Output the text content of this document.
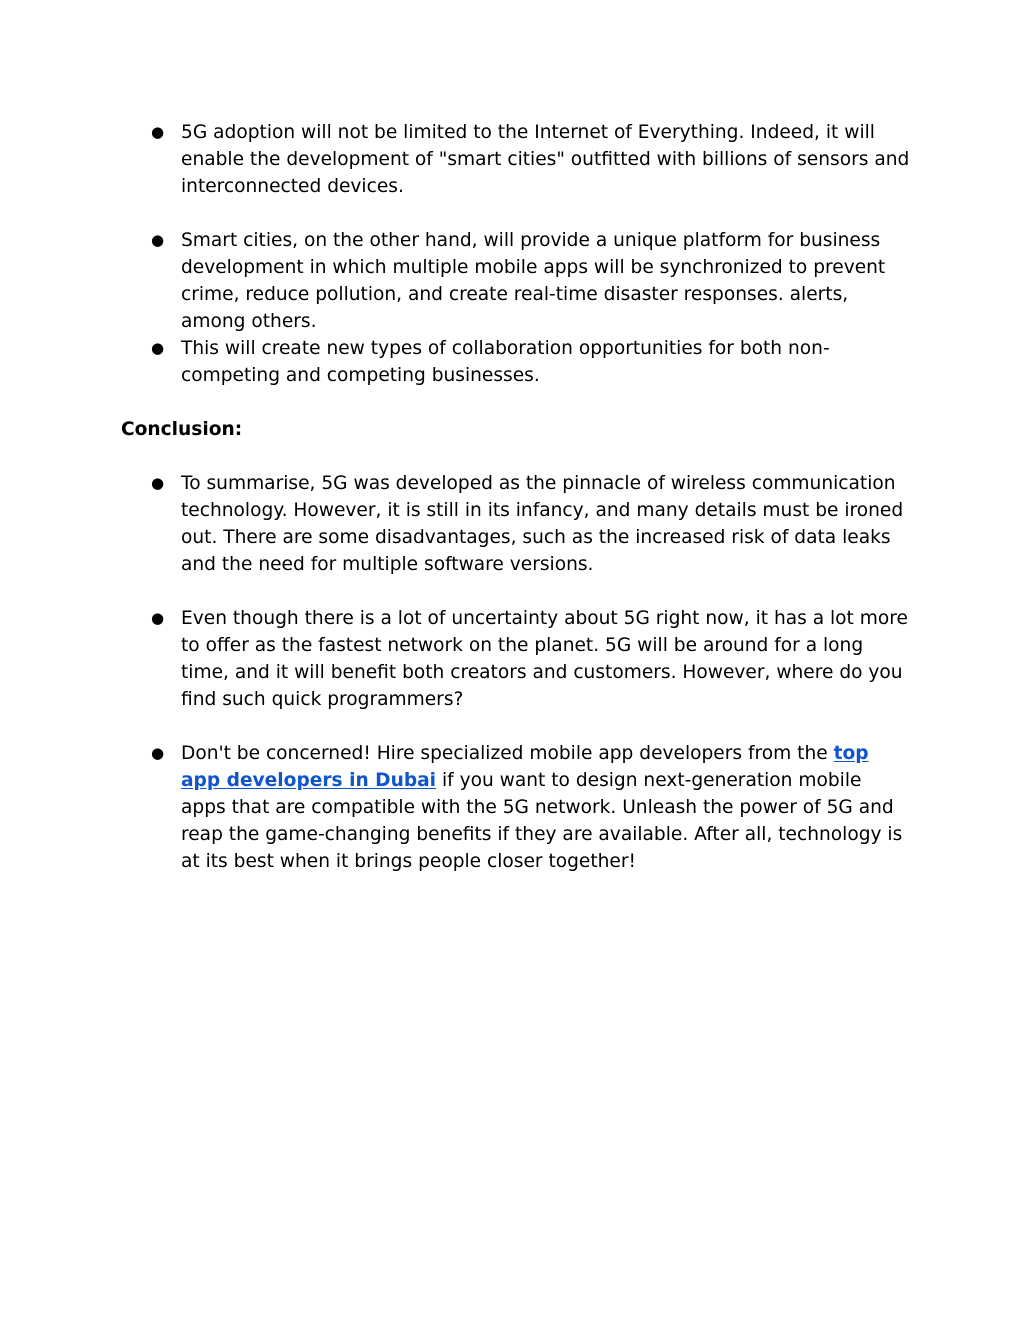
● 5G adoption will not be limited to the Internet of Everything. Indeed, it will enable the development of "smart cities" outfitted with billions of sensors and interconnected devices.
● Smart cities, on the other hand, will provide a unique platform for business development in which multiple mobile apps will be synchronized to prevent crime, reduce pollution, and create real-time disaster responses. alerts, among others.
● This will create new types of collaboration opportunities for both non-competing and competing businesses.

Conclusion:

● To summarise, 5G was developed as the pinnacle of wireless communication technology. However, it is still in its infancy, and many details must be ironed out. There are some disadvantages, such as the increased risk of data leaks and the need for multiple software versions.
● Even though there is a lot of uncertainty about 5G right now, it has a lot more to offer as the fastest network on the planet. 5G will be around for a long time, and it will benefit both creators and customers. However, where do you find such quick programmers?
● Don't be concerned! Hire specialized mobile app developers from the top app developers in Dubai if you want to design next-generation mobile apps that are compatible with the 5G network. Unleash the power of 5G and reap the game-changing benefits if they are available. After all, technology is at its best when it brings people closer together!
